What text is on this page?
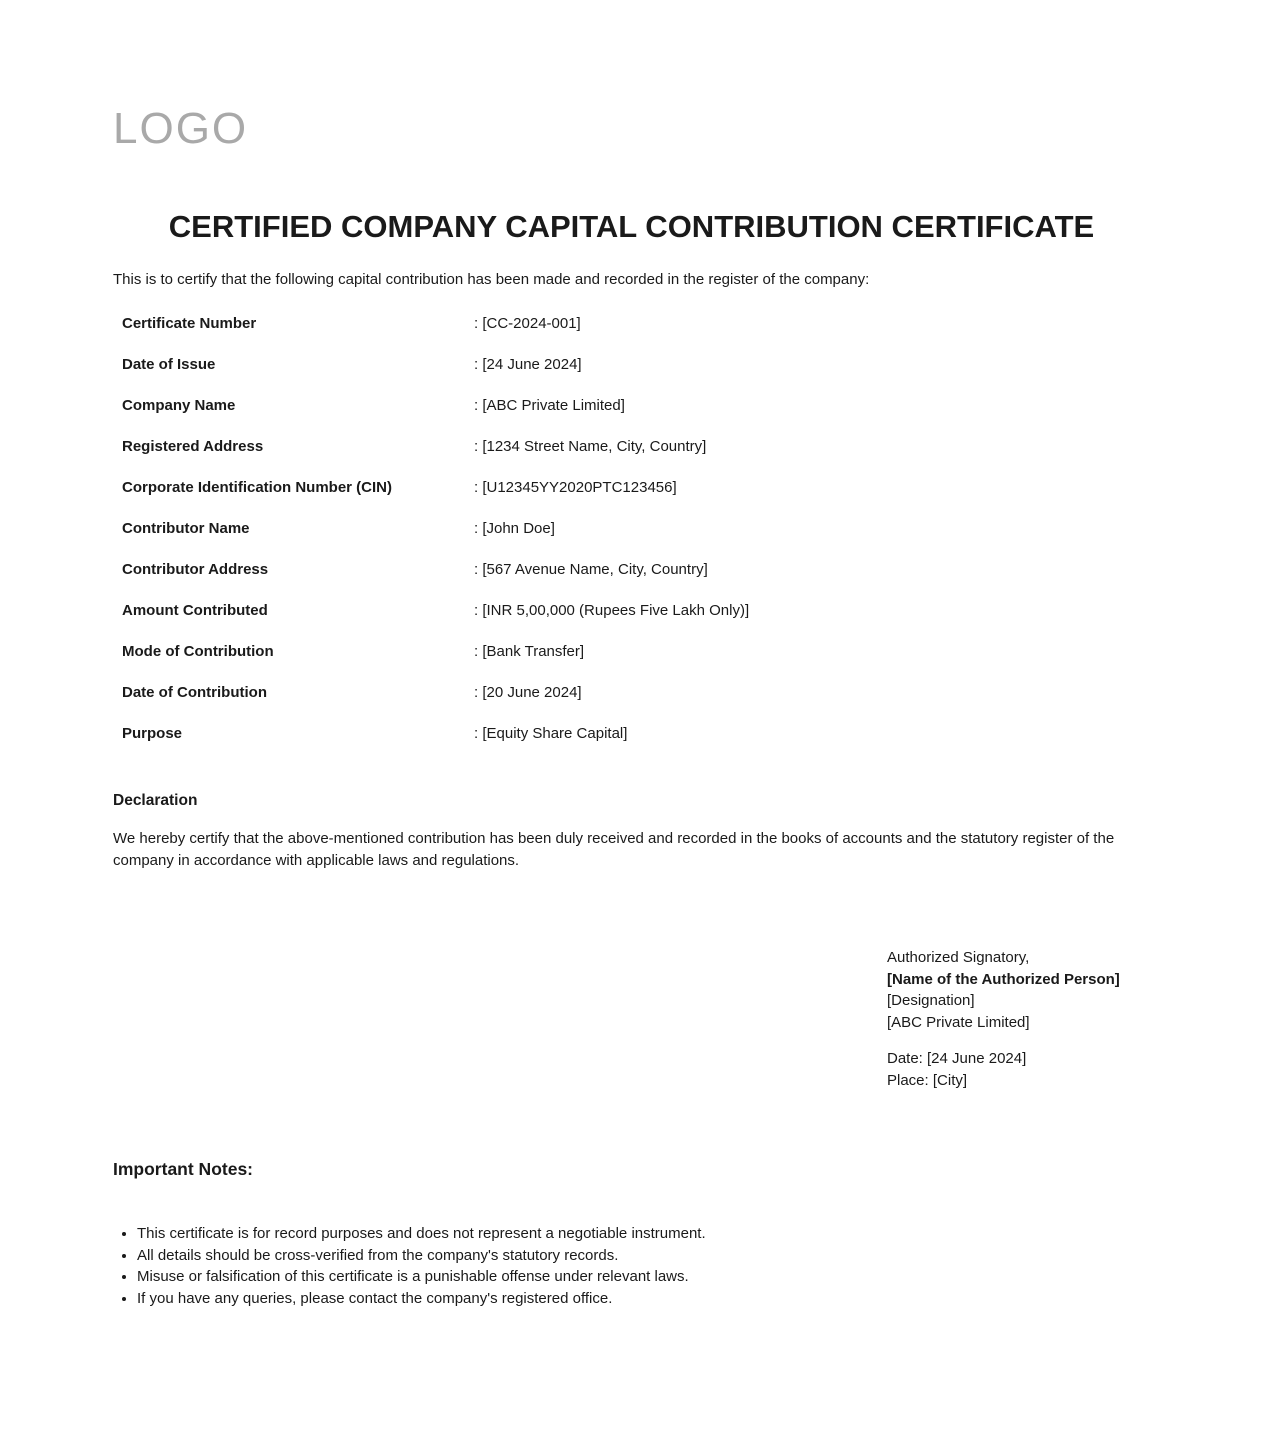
LOGO
CERTIFIED COMPANY CAPITAL CONTRIBUTION CERTIFICATE
This is to certify that the following capital contribution has been made and recorded in the register of the company:
Certificate Number	: [CC-2024-001]
Date of Issue	: [24 June 2024]
Company Name	: [ABC Private Limited]
Registered Address	: [1234 Street Name, City, Country]
Corporate Identification Number (CIN)	: [U12345YY2020PTC123456]
Contributor Name	: [John Doe]
Contributor Address	: [567 Avenue Name, City, Country]
Amount Contributed	: [INR 5,00,000 (Rupees Five Lakh Only)]
Mode of Contribution	: [Bank Transfer]
Date of Contribution	: [20 June 2024]
Purpose	: [Equity Share Capital]
Declaration
We hereby certify that the above-mentioned contribution has been duly received and recorded in the books of accounts and the statutory register of the company in accordance with applicable laws and regulations.
Authorized Signatory,
[Name of the Authorized Person]
[Designation]
[ABC Private Limited]
Date: [24 June 2024]
Place: [City]
Important Notes:
• This certificate is for record purposes and does not represent a negotiable instrument.
• All details should be cross-verified from the company's statutory records.
• Misuse or falsification of this certificate is a punishable offense under relevant laws.
• If you have any queries, please contact the company's registered office.
